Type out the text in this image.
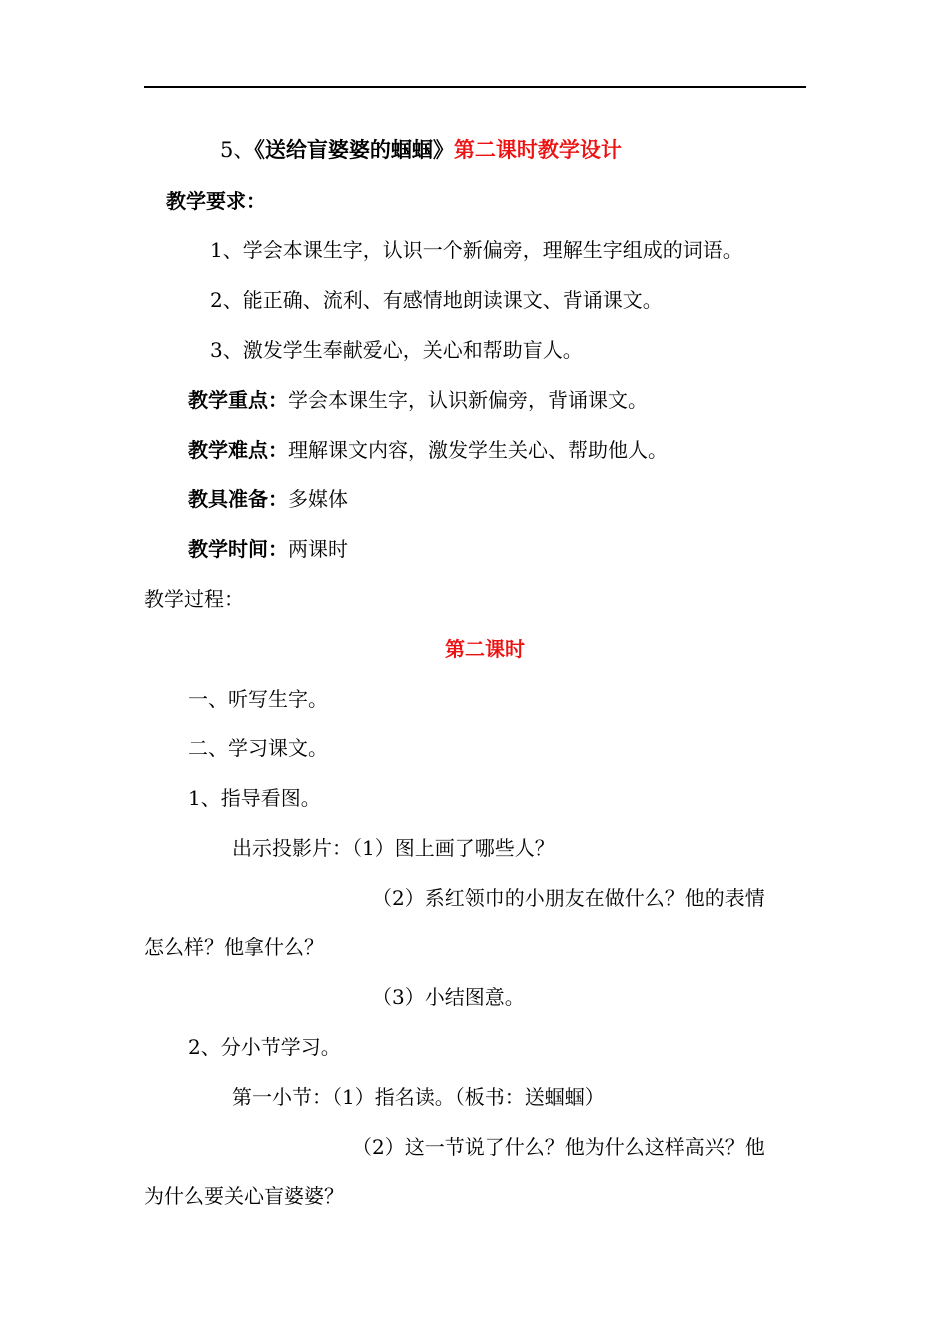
5、《送给盲婆婆的蝈蝈》第二课时教学设计
教学要求：
1、学会本课生字，认识一个新偏旁，理解生字组成的词语。
2、能正确、流利、有感情地朗读课文、背诵课文。
3、激发学生奉献爱心，关心和帮助盲人。
教学重点：学会本课生字，认识新偏旁，背诵课文。
教学难点：理解课文内容，激发学生关心、帮助他人。
教具准备：多媒体
教学时间：两课时
教学过程：
第二课时
一、听写生字。
二、学习课文。
1、指导看图。
出示投影片：（1）图上画了哪些人？
（2）系红领巾的小朋友在做什么？他的表情
怎么样？他拿什么？
（3）小结图意。
2、分小节学习。
第一小节：（1）指名读。（板书：送蝈蝈）
（2）这一节说了什么？他为什么这样高兴？他
为什么要关心盲婆婆？
